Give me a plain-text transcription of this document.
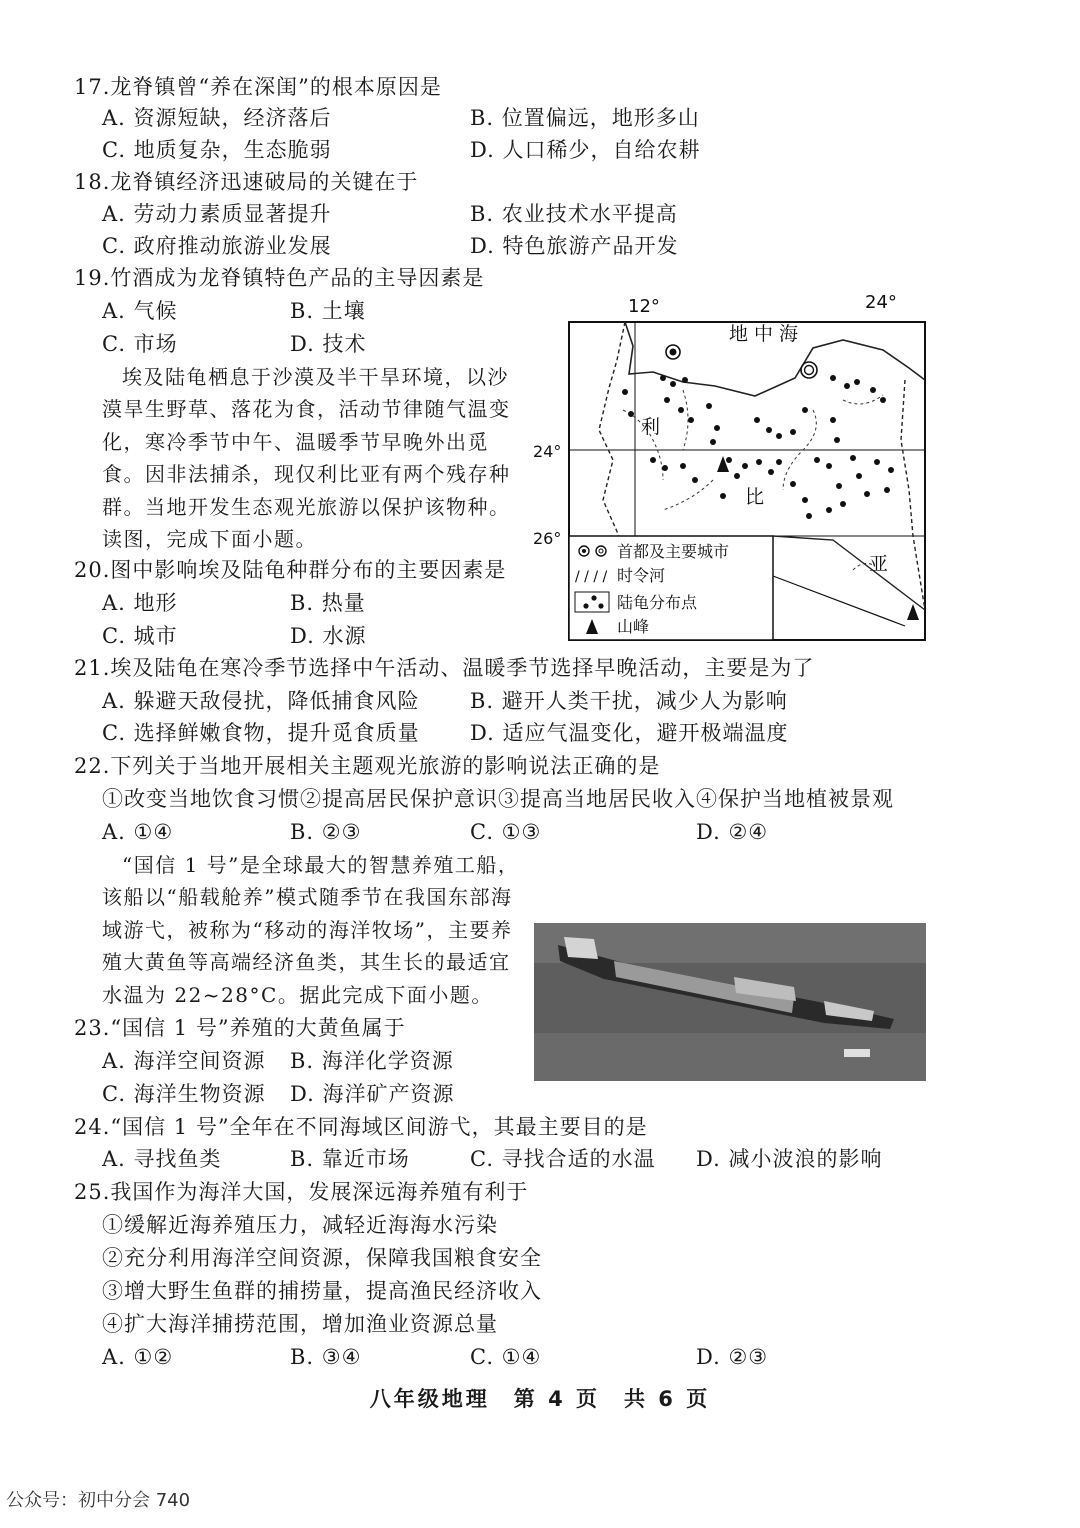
17.龙脊镇曾“养在深闺”的根本原因是
A. 资源短缺，经济落后	B. 位置偏远，地形多山
C. 地质复杂，生态脆弱	D. 人口稀少，自给农耕
18.龙脊镇经济迅速破局的关键在于
A. 劳动力素质显著提升	B. 农业技术水平提高
C. 政府推动旅游业发展	D. 特色旅游产品开发
19.竹酒成为龙脊镇特色产品的主导因素是
A. 气候	B. 土壤
C. 市场	D. 技术
埃及陆龟栖息于沙漠及半干旱环境，以沙漠旱生野草、落花为食，活动节律随气温变化，寒冷季节中午、温暖季节早晚外出觅食。因非法捕杀，现仅利比亚有两个残存种群。当地开发生态观光旅游以保护该物种。读图，完成下面小题。
12°	24°
24°
26°
地中海
利
比
亚
首都及主要城市
/ / / / 时令河
陆龟分布点
山峰
20.图中影响埃及陆龟种群分布的主要因素是
A. 地形	B. 热量
C. 城市	D. 水源
21.埃及陆龟在寒冷季节选择中午活动、温暖季节选择早晚活动，主要是为了
A. 躲避天敌侵扰，降低捕食风险 B. 避开人类干扰，减少人为影响
C. 选择鲜嫩食物，提升觅食质量 D. 适应气温变化，避开极端温度
22.下列关于当地开展相关主题观光旅游的影响说法正确的是
①改变当地饮食习惯②提高居民保护意识③提高当地居民收入④保护当地植被景观
A. ①④	B. ②③	C. ①③	D. ②④
“国信 1 号”是全球最大的智慧养殖工船，该船以“船载舱养”模式随季节在我国东部海域游弋，被称为“移动的海洋牧场”，主要养殖大黄鱼等高端经济鱼类，其生长的最适宜水温为 22~28°C。据此完成下面小题。
23.“国信 1 号”养殖的大黄鱼属于
A. 海洋空间资源 B. 海洋化学资源
C. 海洋生物资源 D. 海洋矿产资源
24.“国信 1 号”全年在不同海域区间游弋，其最主要目的是
A. 寻找鱼类	B. 靠近市场	C. 寻找合适的水温 D. 减小波浪的影响
25.我国作为海洋大国，发展深远海养殖有利于
①缓解近海养殖压力，减轻近海海水污染
②充分利用海洋空间资源，保障我国粮食安全
③增大野生鱼群的捕捞量，提高渔民经济收入
④扩大海洋捕捞范围，增加渔业资源总量
A. ①②	B. ③④	C. ①④	D. ②③
八年级地理　第 4 页　共 6 页
公众号：初中分会 740
